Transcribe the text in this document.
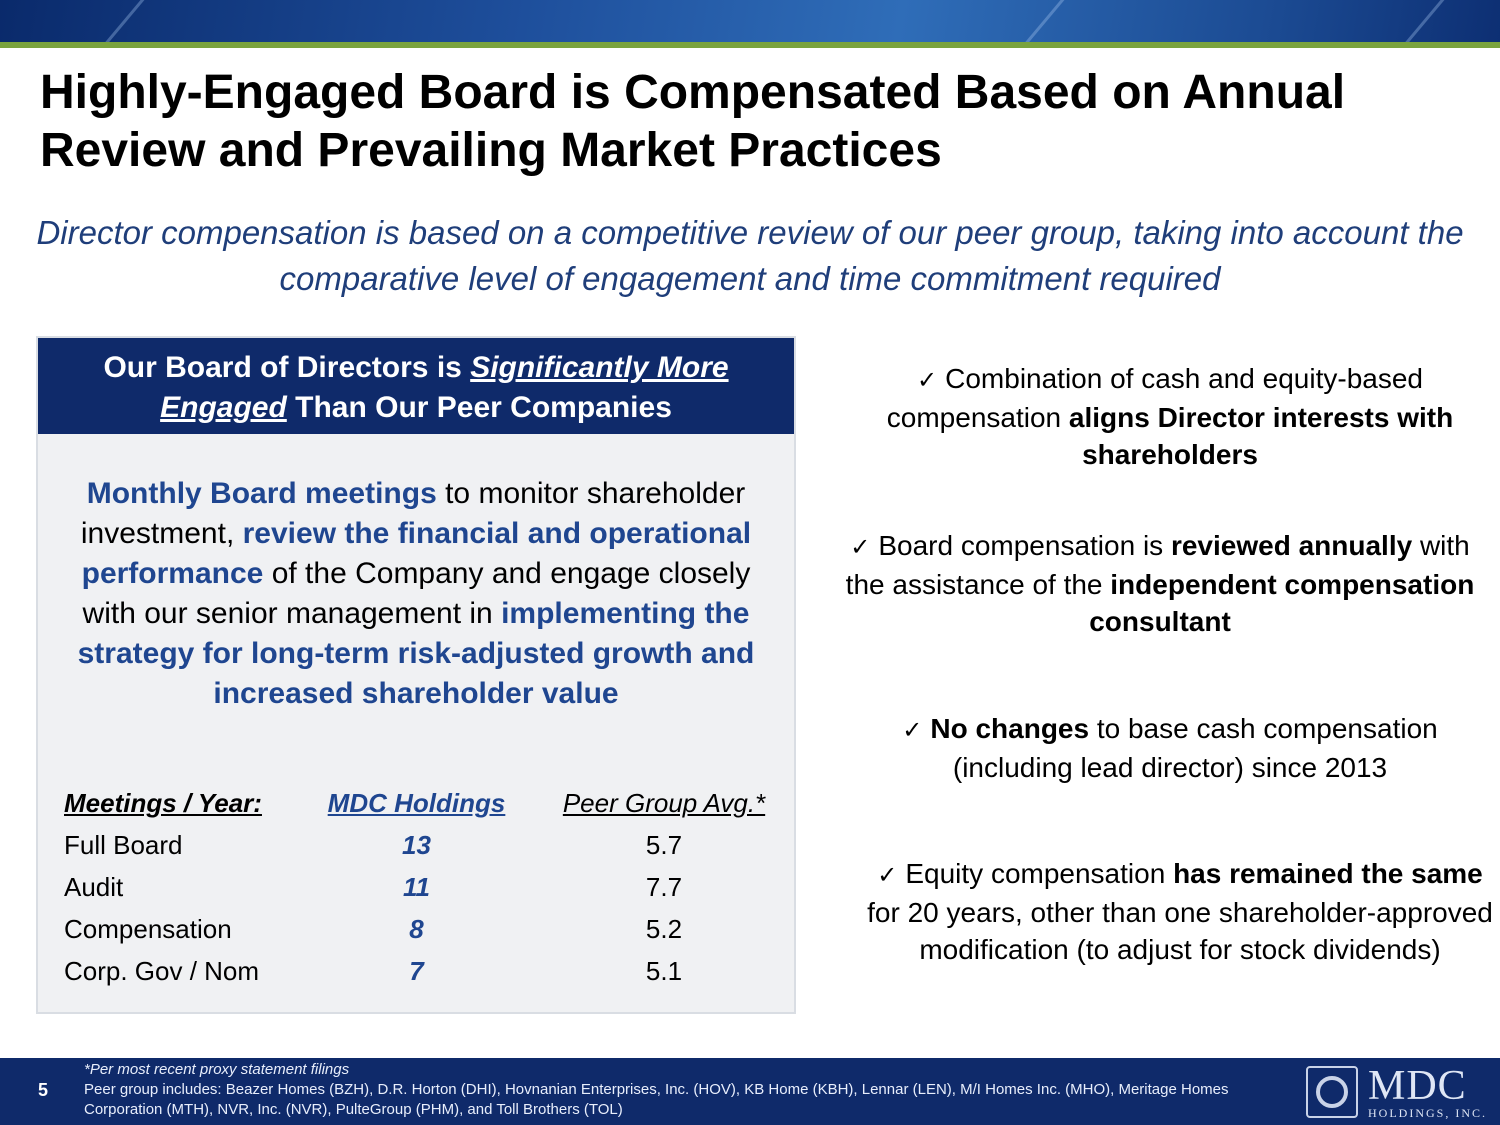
Highly-Engaged Board is Compensated Based on Annual Review and Prevailing Market Practices
Director compensation is based on a competitive review of our peer group, taking into account the comparative level of engagement and time commitment required
Our Board of Directors is Significantly More Engaged Than Our Peer Companies
Monthly Board meetings to monitor shareholder investment, review the financial and operational performance of the Company and engage closely with our senior management in implementing the strategy for long-term risk-adjusted growth and increased shareholder value
Meetings / Year:	MDC Holdings	Peer Group Avg.*
Full Board	13	5.7
Audit	11	7.7
Compensation	8	5.2
Corp. Gov / Nom	7	5.1
✓ Combination of cash and equity-based compensation aligns Director interests with shareholders
✓ Board compensation is reviewed annually with the assistance of the independent compensation consultant
✓ No changes to base cash compensation (including lead director) since 2013
✓ Equity compensation has remained the same for 20 years, other than one shareholder-approved modification (to adjust for stock dividends)
5
*Per most recent proxy statement filings
Peer group includes: Beazer Homes (BZH), D.R. Horton (DHI), Hovnanian Enterprises, Inc. (HOV), KB Home (KBH), Lennar (LEN), M/I Homes Inc. (MHO), Meritage Homes Corporation (MTH), NVR, Inc. (NVR), PulteGroup (PHM), and Toll Brothers (TOL)
MDC
HOLDINGS, INC.
